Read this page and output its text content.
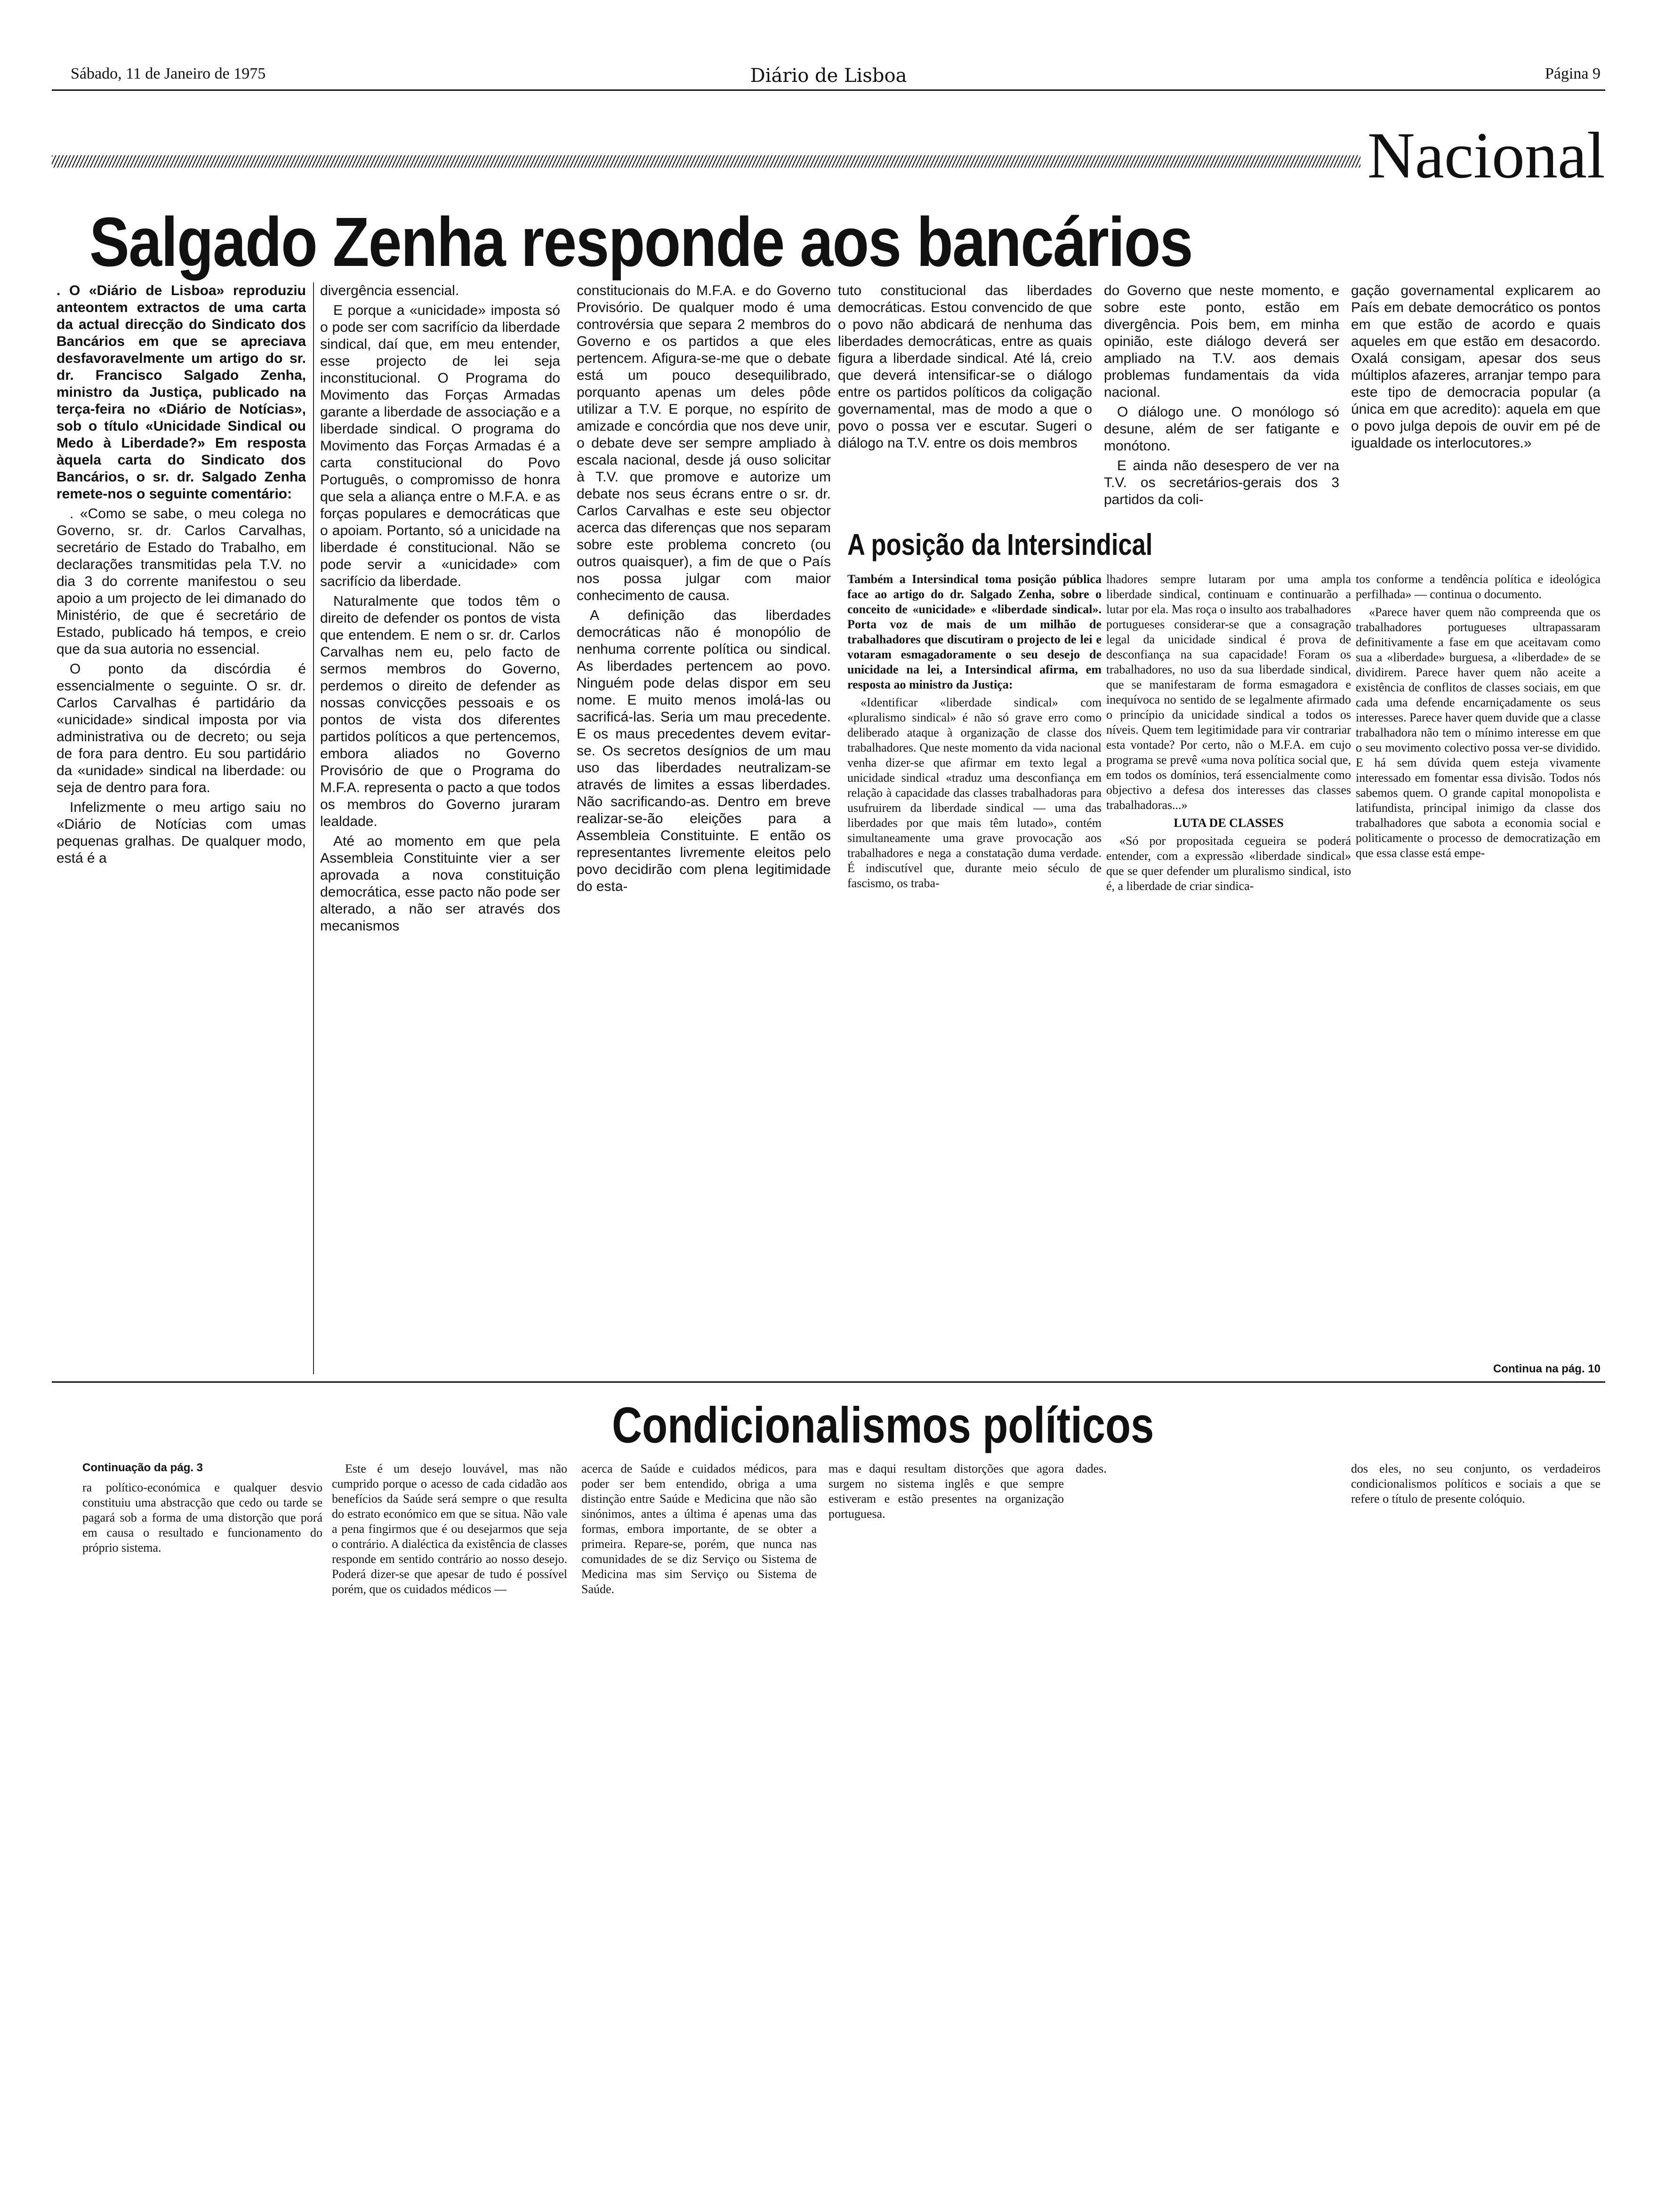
Sábado, 11 de Janeiro de 1975	Diário de Lisboa	Página 9
Nacional
Salgado Zenha responde aos bancários

. O «Diário de Lisboa» reproduziu anteontem extractos de uma carta da actual direcção do Sindicato dos Bancários em que se apreciava desfavoravelmente um artigo do sr. dr. Francisco Salgado Zenha, ministro da Justiça, publicado na terça-feira no «Diário de Notícias», sob o título «Unicidade Sindical ou Medo à Liberdade?» Em resposta àquela carta do Sindicato dos Bancários, o sr. dr. Salgado Zenha remete-nos o seguinte comentário:

. «Como se sabe, o meu colega no Governo, sr. dr. Carlos Carvalhas, secretário de Estado do Trabalho, em declarações transmitidas pela T.V. no dia 3 do corrente manifestou o seu apoio a um projecto de lei dimanado do Ministério, de que é secretário de Estado, publicado há tempos, e creio que da sua autoria no essencial.

O ponto da discórdia é essencialmente o seguinte. O sr. dr. Carlos Carvalhas é partidário da «unicidade» sindical imposta por via administrativa ou de decreto; ou seja de fora para dentro. Eu sou partidário da «unidade» sindical na liberdade: ou seja de dentro para fora.

Infelizmente o meu artigo saiu no «Diário de Notícias com umas pequenas gralhas. De qualquer modo, está é a

divergência essencial.

E porque a «unicidade» imposta só o pode ser com sacrifício da liberdade sindical, daí que, em meu entender, esse projecto de lei seja inconstitucional. O Programa do Movimento das Forças Armadas garante a liberdade de associação e a liberdade sindical. O programa do Movimento das Forças Armadas é a carta constitucional do Povo Português, o compromisso de honra que sela a aliança entre o M.F.A. e as forças populares e democráticas que o apoiam. Portanto, só a unicidade na liberdade é constitucional. Não se pode servir a «unicidade» com sacrifício da liberdade.

Naturalmente que todos têm o direito de defender os pontos de vista que entendem. E nem o sr. dr. Carlos Carvalhas nem eu, pelo facto de sermos membros do Governo, perdemos o direito de defender as nossas convicções pessoais e os pontos de vista dos diferentes partidos políticos a que pertencemos, embora aliados no Governo Provisório de que o Programa do M.F.A. representa o pacto a que todos os membros do Governo juraram lealdade.

Até ao momento em que pela Assembleia Constituinte vier a ser aprovada a nova constituição democrática, esse pacto não pode ser alterado, a não ser através dos mecanismos

constitucionais do M.F.A. e do Governo Provisório. De qualquer modo é uma controvérsia que separa 2 membros do Governo e os partidos a que eles pertencem. Afigura-se-me que o debate está um pouco desequilibrado, porquanto apenas um deles pôde utilizar a T.V. E porque, no espírito de amizade e concórdia que nos deve unir, o debate deve ser sempre ampliado à escala nacional, desde já ouso solicitar à T.V. que promove e autorize um debate nos seus écrans entre o sr. dr. Carlos Carvalhas e este seu objector acerca das diferenças que nos separam sobre este problema concreto (ou outros quaisquer), a fim de que o País nos possa julgar com maior conhecimento de causa.

A definição das liberdades democráticas não é monopólio de nenhuma corrente política ou sindical. As liberdades pertencem ao povo. Ninguém pode delas dispor em seu nome. E muito menos imolá-las ou sacrificá-las. Seria um mau precedente. E os maus precedentes devem evitar-se. Os secretos desígnios de um mau uso das liberdades neutralizam-se através de limites a essas liberdades. Não sacrificando-as. Dentro em breve realizar-se-ão eleições para a Assembleia Constituinte. E então os representantes livremente eleitos pelo povo decidirão com plena legitimidade do esta-

tuto constitucional das liberdades democráticas. Estou convencido de que o povo não abdicará de nenhuma das liberdades democráticas, entre as quais figura a liberdade sindical. Até lá, creio que deverá intensificar-se o diálogo entre os partidos políticos da coligação governamental, mas de modo a que o povo o possa ver e escutar. Sugeri o diálogo na T.V. entre os dois membros

do Governo que neste momento, e sobre este ponto, estão em divergência. Pois bem, em minha opinião, este diálogo deverá ser ampliado na T.V. aos demais problemas fundamentais da vida nacional.

O diálogo une. O monólogo só desune, além de ser fatigante e monótono.

E ainda não desespero de ver na T.V. os secretários-gerais dos 3 partidos da coli-

gação governamental explicarem ao País em debate democrático os pontos em que estão de acordo e quais aqueles em que estão em desacordo. Oxalá consigam, apesar dos seus múltiplos afazeres, arranjar tempo para este tipo de democracia popular (a única em que acredito): aquela em que o povo julga depois de ouvir em pé de igualdade os interlocutores.»

A posição da Intersindical

Também a Intersindical toma posição pública face ao artigo do dr. Salgado Zenha, sobre o conceito de «unicidade» e «liberdade sindical». Porta voz de mais de um milhão de trabalhadores que discutiram o projecto de lei e votaram esmagadoramente o seu desejo de unicidade na lei, a Intersindical afirma, em resposta ao ministro da Justiça:

«Identificar «liberdade sindical» com «pluralismo sindical» é não só grave erro como deliberado ataque à organização de classe dos trabalhadores. Que neste momento da vida nacional venha dizer-se que afirmar em texto legal a unicidade sindical «traduz uma desconfiança em relação à capacidade das classes trabalhadoras para usufruirem da liberdade sindical — uma das liberdades por que mais têm lutado», contém simultaneamente uma grave provocação aos trabalhadores e nega a constatação duma verdade. É indiscutível que, durante meio século de fascismo, os traba-

lhadores sempre lutaram por uma ampla liberdade sindical, continuam e continuarão a lutar por ela. Mas roça o insulto aos trabalhadores portugueses considerar-se que a consagração legal da unicidade sindical é prova de desconfiança na sua capacidade! Foram os trabalhadores, no uso da sua liberdade sindical, que se manifestaram de forma esmagadora e inequívoca no sentido de se legalmente afirmado o princípio da unicidade sindical a todos os níveis. Quem tem legitimidade para vir contrariar esta vontade? Por certo, não o M.F.A. em cujo programa se prevê «uma nova política social que, em todos os domínios, terá essencialmente como objectivo a defesa dos interesses das classes trabalhadoras...»

LUTA DE CLASSES

«Só por propositada cegueira se poderá entender, com a expressão «liberdade sindical» que se quer defender um pluralismo sindical, isto é, a liberdade de criar sindica-

tos conforme a tendência política e ideológica perfilhada» — continua o documento.

«Parece haver quem não compreenda que os trabalhadores portugueses ultrapassaram definitivamente a fase em que aceitavam como sua a «liberdade» burguesa, a «liberdade» de se dividirem. Parece haver quem não aceite a existência de conflitos de classes sociais, em que cada uma defende encarniçadamente os seus interesses. Parece haver quem duvide que a classe trabalhadora não tem o mínimo interesse em que o seu movimento colectivo possa ver-se dividido. E há sem dúvida quem esteja vivamente interessado em fomentar essa divisão. Todos nós sabemos quem. O grande capital monopolista e latifundista, principal inimigo da classe dos trabalhadores que sabota a economia social e politicamente o processo de democratização em que essa classe está empe-

Continua na pág. 10
Condicionalismos políticos
Continuação da pág. 3

ra político-económica e qualquer desvio constituiu uma abstracção que cedo ou tarde se pagará sob a forma de uma distorção que porá em causa o resultado e funcionamento do próprio sistema.

Este é um desejo louvável, mas não cumprido porque o acesso de cada cidadão aos benefícios da Saúde será sempre o que resulta do estrato económico em que se situa. Não vale a pena fingirmos que é ou desejarmos que seja o contrário. A dialéctica da existência de classes responde em sentido contrário ao nosso desejo. Poderá dizer-se que apesar de tudo é possível porém, que os cuidados médicos —

acerca de Saúde e cuidados médicos, para poder ser bem entendido, obriga a uma distinção entre Saúde e Medicina que não são sinónimos, antes a última é apenas uma das formas, embora importante, de se obter a primeira. Repare-se, porém, que nunca nas comunidades de se diz Serviço ou Sistema de Medicina mas sim Serviço ou Sistema de Saúde.

mas e daqui resultam distorções que agora surgem no sistema inglês e que sempre estiveram e estão presentes na organização portuguesa.

dades.	dos eles, no seu conjunto, os verdadeiros condicionalismos políticos e sociais a que se refere o título de presente colóquio.
